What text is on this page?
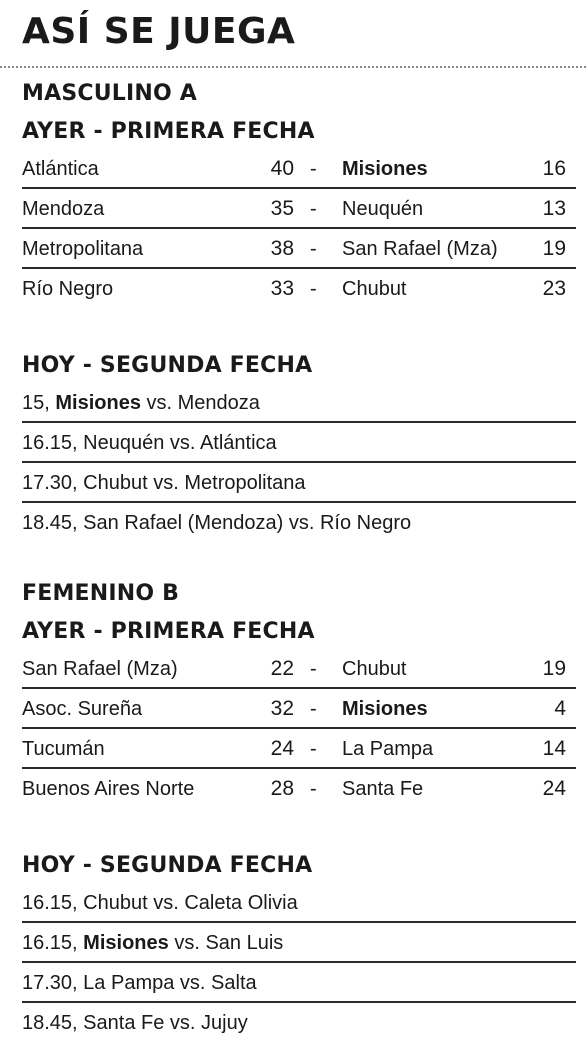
ASÍ SE JUEGA
MASCULINO A
AYER - PRIMERA FECHA
Atlántica	40 - Misiones	16
Mendoza	35 - Neuquén	13
Metropolitana	38 - San Rafael (Mza) 19
Río Negro	33 - Chubut	23
HOY - SEGUNDA FECHA
15, Misiones vs. Mendoza
16.15, Neuquén vs. Atlántica
17.30, Chubut vs. Metropolitana
18.45, San Rafael (Mendoza) vs. Río Negro
FEMENINO B
AYER - PRIMERA FECHA
San Rafael (Mza)	22 - Chubut	19
Asoc. Sureña	32 - Misiones	4
Tucumán	24 - La Pampa	14
Buenos Aires Norte	28 - Santa Fe	24
HOY - SEGUNDA FECHA
16.15, Chubut vs. Caleta Olivia
16.15, Misiones vs. San Luis
17.30, La Pampa vs. Salta
18.45, Santa Fe vs. Jujuy
